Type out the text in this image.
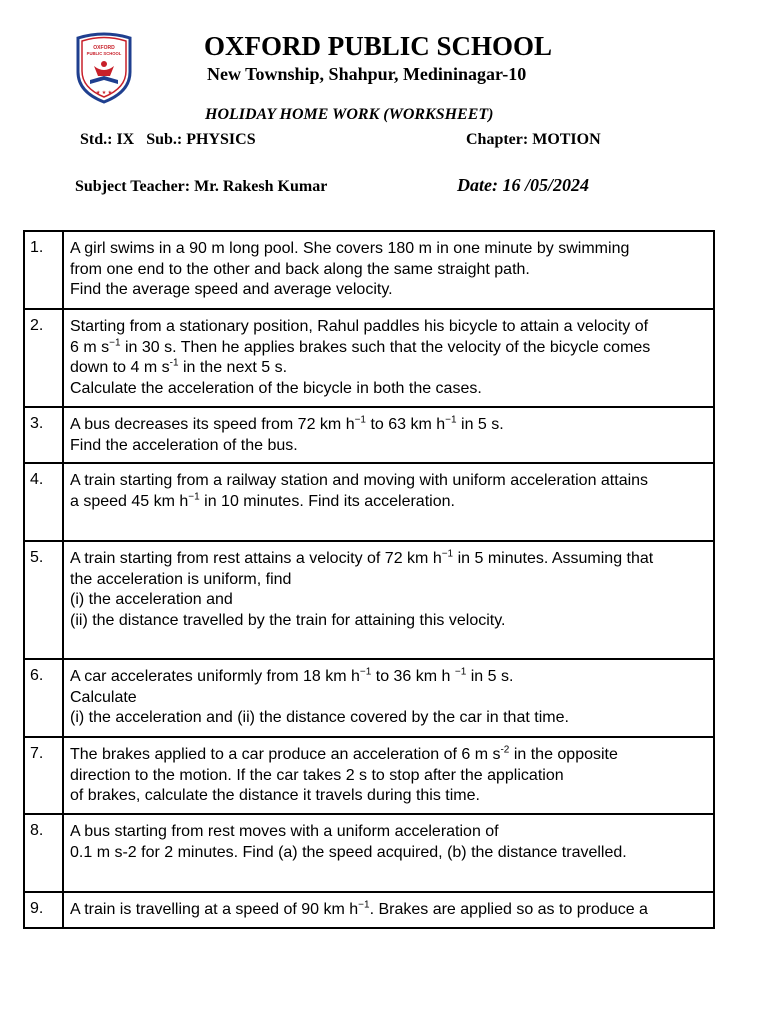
OXFORD
PUBLIC SCHOOL
★ ★ ★
OXFORD PUBLIC SCHOOL
New Township, Shahpur, Medininagar-10
HOLIDAY HOME WORK (WORKSHEET)
Std.: IX   Sub.: PHYSICS	Chapter: MOTION
Subject Teacher: Mr. Rakesh Kumar	Date: 16 /05/2024
1.	A girl swims in a 90 m long pool. She covers 180 m in one minute by swimming
from one end to the other and back along the same straight path.
Find the average speed and average velocity.

2.	Starting from a stationary position, Rahul paddles his bicycle to attain a velocity of
6 m $s^{-1}$ in 30 s. Then he applies brakes such that the velocity of the bicycle comes
down to 4 m $s^{-1}$ in the next 5 s.
Calculate the acceleration of the bicycle in both the cases.

3.	A bus decreases its speed from 72 km $h^{-1}$ to 63 km $h^{-1}$ in 5 s.
Find the acceleration of the bus.

4.	A train starting from a railway station and moving with uniform acceleration attains
a speed 45 km $h^{-1}$ in 10 minutes. Find its acceleration.

5.	A train starting from rest attains a velocity of 72 km $h^{-1}$ in 5 minutes. Assuming that
the acceleration is uniform, find
(i) the acceleration and
(ii) the distance travelled by the train for attaining this velocity.

6.	A car accelerates uniformly from 18 km $h^{-1}$ to 36 km h $^{-1}$ in 5 s.
Calculate
(i) the acceleration and (ii) the distance covered by the car in that time.

7.	The brakes applied to a car produce an acceleration of 6 m $s^{-2}$ in the opposite
direction to the motion. If the car takes 2 s to stop after the application
of brakes, calculate the distance it travels during this time.

8.	A bus starting from rest moves with a uniform acceleration of
0.1 m s-2 for 2 minutes. Find (a) the speed acquired, (b) the distance travelled.

9.	A train is travelling at a speed of 90 km $h^{-1}$. Brakes are applied so as to produce a
